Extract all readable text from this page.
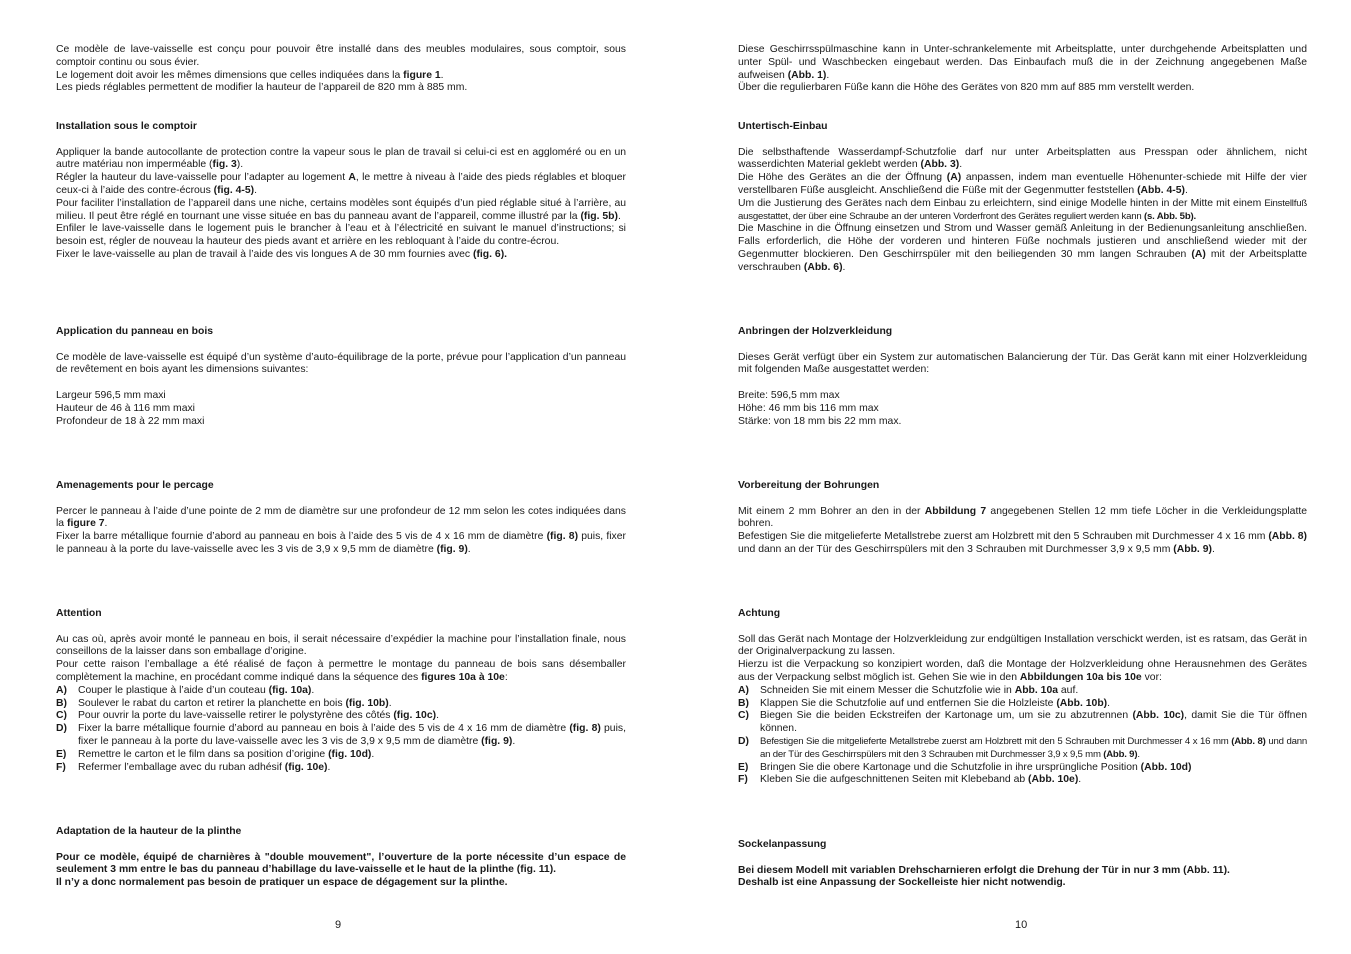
Ce modèle de lave-vaisselle est conçu pour pouvoir être installé dans des meubles modulaires, sous comptoir, sous comptoir continu ou sous évier.

Le logement doit avoir les mêmes dimensions que celles indiquées dans la figure 1.

Les pieds réglables permettent de modifier la hauteur de l’appareil de 820 mm à 885 mm.

Installation sous le comptoir

Appliquer la bande autocollante de protection contre la vapeur sous le plan de travail si celui-ci est en aggloméré ou en un autre matériau non imperméable (fig. 3).

Régler la hauteur du lave-vaisselle pour l’adapter au logement A, le mettre à niveau à l’aide des pieds réglables et bloquer ceux-ci à l’aide des contre-écrous (fig. 4-5).

Pour faciliter l’installation de l’appareil dans une niche, certains modèles sont équipés d’un pied réglable situé à l’arrière, au milieu. Il peut être réglé en tournant une visse située en bas du panneau avant de l’appareil, comme illustré par la (fig. 5b).

Enfiler le lave-vaisselle dans le logement puis le brancher à l’eau et à l’électricité en suivant le manuel d’instructions; si besoin est, régler de nouveau la hauteur des pieds avant et arrière en les rebloquant à l’aide du contre-écrou.

Fixer le lave-vaisselle au plan de travail à l’aide des vis longues A de 30 mm fournies avec (fig. 6).

Application du panneau en bois

Ce modèle de lave-vaisselle est équipé d’un système d’auto-équilibrage de la porte, prévue pour l’application d’un panneau de revêtement en bois ayant les dimensions suivantes:

Largeur 596,5 mm maxi

Hauteur de 46 à 116 mm maxi

Profondeur de 18 à 22 mm maxi

Amenagements pour le percage

Percer le panneau à l’aide d’une pointe de 2 mm de diamètre sur une profondeur de 12 mm selon les cotes indiquées dans la figure 7.

Fixer la barre métallique fournie d’abord au panneau en bois à l’aide des 5 vis de 4 x 16 mm de diamètre (fig. 8) puis, fixer le panneau à la porte du lave-vaisselle avec les 3 vis de 3,9 x 9,5 mm de diamètre (fig. 9).

Attention

Au cas où, après avoir monté le panneau en bois, il serait nécessaire d’expédier la machine pour l’installation finale, nous conseillons de la laisser dans son emballage d’origine.

Pour cette raison l’emballage a été réalisé de façon à permettre le montage du panneau de bois sans désemballer complètement la machine, en procédant comme indiqué dans la séquence des figures 10a à 10e:

A)	Couper le plastique à l’aide d’un couteau (fig. 10a).
B)	Soulever le rabat du carton et retirer la planchette en bois (fig. 10b).
C)	Pour ouvrir la porte du lave-vaisselle retirer le polystyrène des côtés (fig. 10c).
D)	Fixer la barre métallique fournie d’abord au panneau en bois à l’aide des 5 vis de 4 x 16 mm de diamètre (fig. 8) puis, fixer le panneau à la porte du lave-vaisselle avec les 3 vis de 3,9 x 9,5 mm de diamètre (fig. 9).
E)	Remettre le carton et le film dans sa position d’origine (fig. 10d).
F)	Refermer l’emballage avec du ruban adhésif (fig. 10e).

Adaptation de la hauteur de la plinthe

Pour ce modèle, équipé de charnières à "double mouvement", l’ouverture de la porte nécessite d’un espace de seulement 3 mm entre le bas du panneau d’habillage du lave-vaisselle et le haut de la plinthe (fig. 11).

Il n’y a donc normalement pas besoin de pratiquer un espace de dégagement sur la plinthe.

9

Diese Geschirrsspülmaschine kann in Unter-schrankelemente mit Arbeitsplatte, unter durchgehende Arbeitsplatten und unter Spül- und Waschbecken eingebaut werden. Das Einbaufach muß die in der Zeichnung angegebenen Maße aufweisen (Abb. 1).

Über die regulierbaren Füße kann die Höhe des Gerätes von 820 mm auf 885 mm verstellt werden.

Untertisch-Einbau

Die selbsthaftende Wasserdampf-Schutzfolie darf nur unter Arbeitsplatten aus Presspan oder ähnlichem, nicht wasserdichten Material geklebt werden (Abb. 3).

Die Höhe des Gerätes an die der Öffnung (A) anpassen, indem man eventuelle Höhenunter-schiede mit Hilfe der vier verstellbaren Füße ausgleicht. Anschließend die Füße mit der Gegenmutter feststellen (Abb. 4-5).

Um die Justierung des Gerätes nach dem Einbau zu erleichtern, sind einige Modelle hinten in der Mitte mit einem Einstellfuß ausgestattet, der über eine Schraube an der unteren Vorderfront des Gerätes reguliert werden kann (s. Abb. 5b).

Die Maschine in die Öffnung einsetzen und Strom und Wasser gemäß Anleitung in der Bedienungsanleitung anschließen. Falls erforderlich, die Höhe der vorderen und hinteren Füße nochmals justieren und anschließend wieder mit der Gegenmutter blockieren. Den Geschirrspüler mit den beiliegenden 30 mm langen Schrauben (A) mit der Arbeitsplatte verschrauben (Abb. 6).

Anbringen der Holzverkleidung

Dieses Gerät verfügt über ein System zur automatischen Balancierung der Tür. Das Gerät kann mit einer Holzverkleidung mit folgenden Maße ausgestattet werden:

Breite: 596,5 mm max

Höhe: 46 mm bis 116 mm max

Stärke: von 18 mm bis 22 mm max.

Vorbereitung der Bohrungen

Mit einem 2 mm Bohrer an den in der Abbildung 7 angegebenen Stellen 12 mm tiefe Löcher in die Verkleidungsplatte bohren.

Befestigen Sie die mitgelieferte Metallstrebe zuerst am Holzbrett mit den 5 Schrauben mit Durchmesser 4 x 16 mm (Abb. 8) und dann an der Tür des Geschirrspülers mit den 3 Schrauben mit Durchmesser 3,9 x 9,5 mm (Abb. 9).

Achtung

Soll das Gerät nach Montage der Holzverkleidung zur endgültigen Installation verschickt werden, ist es ratsam, das Gerät in der Originalverpackung zu lassen.

Hierzu ist die Verpackung so konzipiert worden, daß die Montage der Holzverkleidung ohne Herausnehmen des Gerätes aus der Verpackung selbst möglich ist. Gehen Sie wie in den Abbildungen 10a bis 10e vor:

A)	Schneiden Sie mit einem Messer die Schutzfolie wie in Abb. 10a auf.
B)	Klappen Sie die Schutzfolie auf und entfernen Sie die Holzleiste (Abb. 10b).
C)	Biegen Sie die beiden Eckstreifen der Kartonage um, um sie zu abzutrennen (Abb. 10c), damit Sie die Tür öffnen können.
D)	Befestigen Sie die mitgelieferte Metallstrebe zuerst am Holzbrett mit den 5 Schrauben mit Durchmesser 4 x 16 mm (Abb. 8) und dann an der Tür des Geschirrspülers mit den 3 Schrauben mit Durchmesser 3,9 x 9,5 mm (Abb. 9).
E)	Bringen Sie die obere Kartonage und die Schutzfolie in ihre ursprüngliche Position (Abb. 10d)
F)	Kleben Sie die aufgeschnittenen Seiten mit Klebeband ab (Abb. 10e).

Sockelanpassung

Bei diesem Modell mit variablen Drehscharnieren erfolgt die Drehung der Tür in nur 3 mm (Abb. 11).

Deshalb ist eine Anpassung der Sockelleiste hier nicht notwendig.

10
